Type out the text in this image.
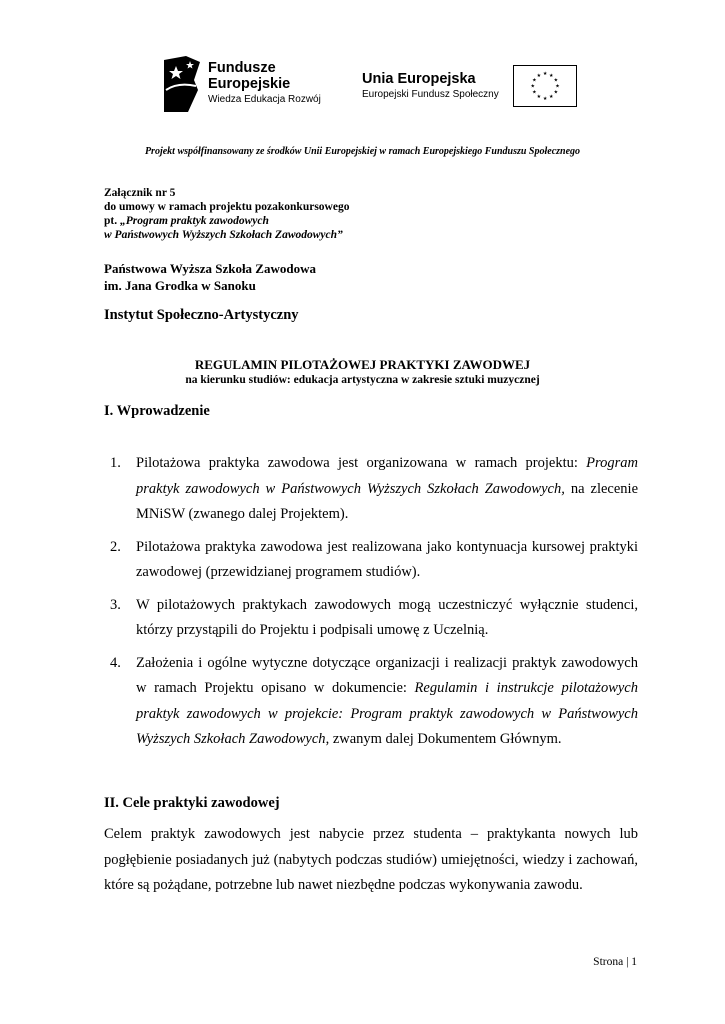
Fundusze
Europejskie
Wiedza Edukacja Rozwój
Unia Europejska
Europejski Fundusz Społeczny
★ ★
★
★
★
★
★
★
★
★
★
★
Projekt współfinansowany ze środków Unii Europejskiej w ramach Europejskiego Funduszu Społecznego
Załącznik nr 5
do umowy w ramach projektu pozakonkursowego
pt. „Program praktyk zawodowych
w Państwowych Wyższych Szkołach Zawodowych”
Państwowa Wyższa Szkoła Zawodowa
im. Jana Grodka w Sanoku
Instytut Społeczno-Artystyczny
REGULAMIN PILOTAŻOWEJ PRAKTYKI ZAWODWEJ
na kierunku studiów: edukacja artystyczna w zakresie sztuki muzycznej
I. Wprowadzenie
1. Pilotażowa praktyka zawodowa jest organizowana w ramach projektu: Program praktyk zawodowych w Państwowych Wyższych Szkołach Zawodowych, na zlecenie MNiSW (zwanego dalej Projektem).
2. Pilotażowa praktyka zawodowa jest realizowana jako kontynuacja kursowej praktyki zawodowej (przewidzianej programem studiów).
3. W pilotażowych praktykach zawodowych mogą uczestniczyć wyłącznie studenci, którzy przystąpili do Projektu i podpisali umowę z Uczelnią.
4. Założenia i ogólne wytyczne dotyczące organizacji i realizacji praktyk zawodowych w ramach Projektu opisano w dokumencie: Regulamin i instrukcje pilotażowych praktyk zawodowych w projekcie: Program praktyk zawodowych w Państwowych Wyższych Szkołach Zawodowych, zwanym dalej Dokumentem Głównym.
II. Cele praktyki zawodowej
Celem praktyk zawodowych jest nabycie przez studenta – praktykanta nowych lub pogłębienie posiadanych już (nabytych podczas studiów) umiejętności, wiedzy i zachowań, które są pożądane, potrzebne lub nawet niezbędne podczas wykonywania zawodu.
Strona | 1
